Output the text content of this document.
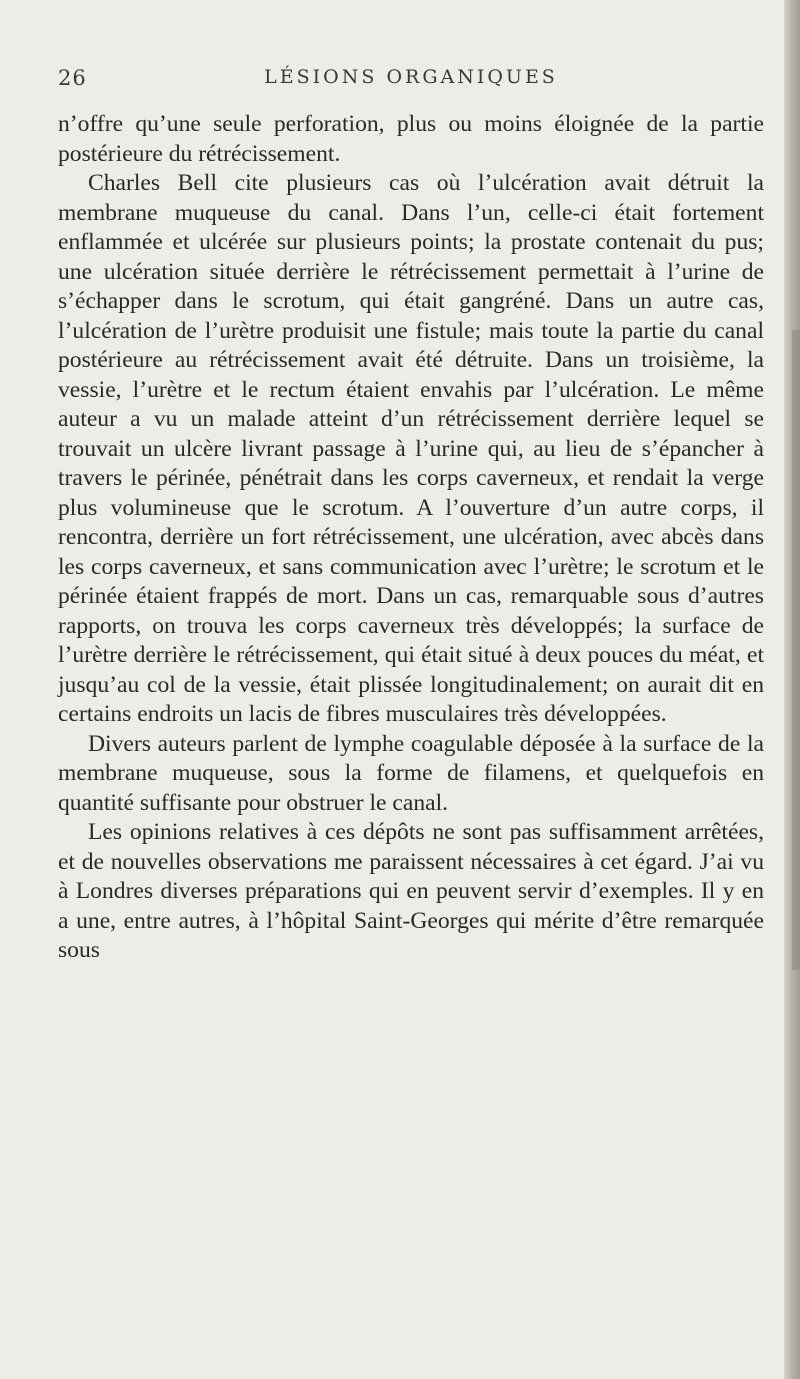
26	LÉSIONS ORGANIQUES

n’offre qu’une seule perforation, plus ou moins éloignée de la partie postérieure du rétrécissement.

Charles Bell cite plusieurs cas où l’ulcération avait détruit la membrane muqueuse du canal. Dans l’un, celle-ci était fortement enflammée et ulcérée sur plusieurs points; la prostate contenait du pus; une ulcération située derrière le rétrécissement permettait à l’urine de s’échapper dans le scrotum, qui était gangréné. Dans un autre cas, l’ulcération de l’urètre produisit une fistule; mais toute la partie du canal postérieure au rétrécissement avait été détruite. Dans un troisième, la vessie, l’urètre et le rectum étaient envahis par l’ulcération. Le même auteur a vu un malade atteint d’un rétrécissement derrière lequel se trouvait un ulcère livrant passage à l’urine qui, au lieu de s’épancher à travers le périnée, pénétrait dans les corps caverneux, et rendait la verge plus volumineuse que le scrotum. A l’ouverture d’un autre corps, il rencontra, derrière un fort rétrécissement, une ulcération, avec abcès dans les corps caverneux, et sans communication avec l’urètre; le scrotum et le périnée étaient frappés de mort. Dans un cas, remarquable sous d’autres rapports, on trouva les corps caverneux très développés; la surface de l’urètre derrière le rétrécissement, qui était situé à deux pouces du méat, et jusqu’au col de la vessie, était plissée longitudinalement; on aurait dit en certains endroits un lacis de fibres musculaires très développées.

Divers auteurs parlent de lymphe coagulable déposée à la surface de la membrane muqueuse, sous la forme de filamens, et quelquefois en quantité suffisante pour obstruer le canal.

Les opinions relatives à ces dépôts ne sont pas suffisamment arrêtées, et de nouvelles observations me paraissent nécessaires à cet égard. J’ai vu à Londres diverses préparations qui en peuvent servir d’exemples. Il y en a une, entre autres, à l’hôpital Saint-Georges qui mérite d’être remarquée sous
